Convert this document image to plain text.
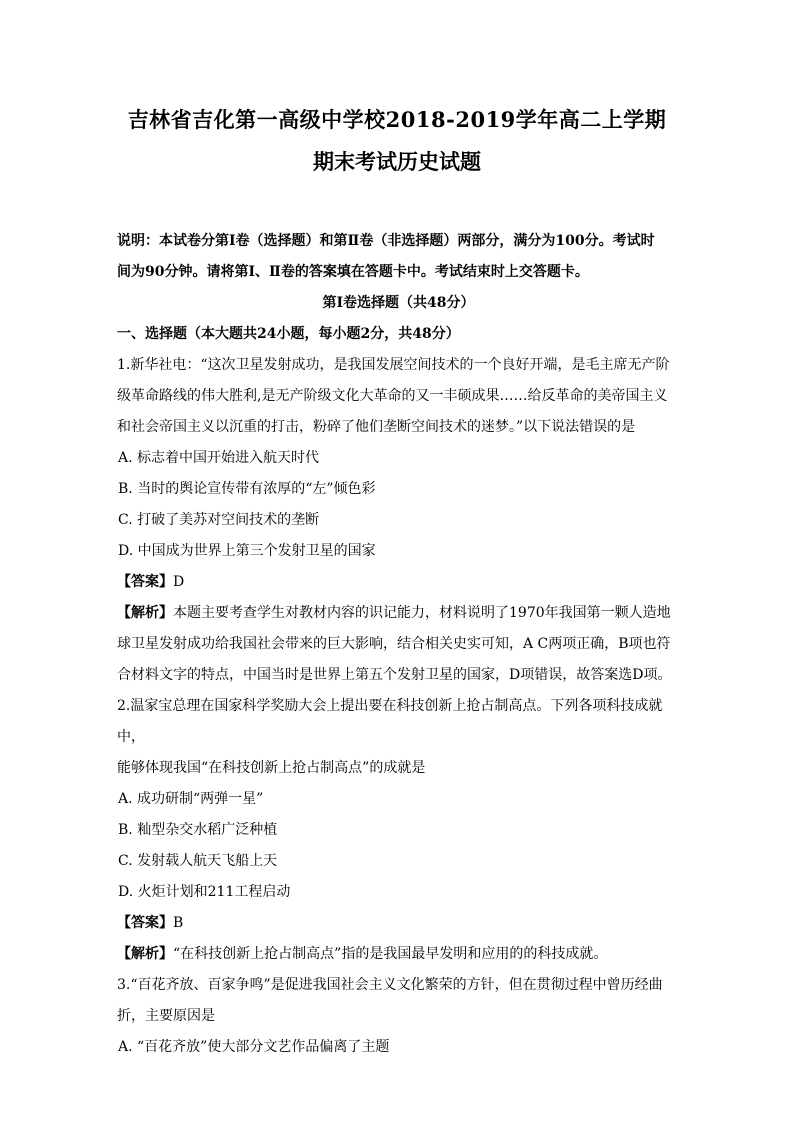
吉林省吉化第一高级中学校2018-2019学年高二上学期
期末考试历史试题

说明：本试卷分第Ⅰ卷（选择题）和第Ⅱ卷（非选择题）两部分，满分为100分。考试时

间为90分钟。请将第Ⅰ、Ⅱ卷的答案填在答题卡中。考试结束时上交答题卡。

第Ⅰ卷选择题（共48分）

一、选择题（本大题共24小题，每小题2分，共48分）

1.新华社电：“这次卫星发射成功，是我国发展空间技术的一个良好开端，是毛主席无产阶

级革命路线的伟大胜利,是无产阶级文化大革命的又一丰硕成果……给反革命的美帝国主义

和社会帝国主义以沉重的打击，粉碎了他们垄断空间技术的迷梦。”以下说法错误的是

A. 标志着中国开始进入航天时代

B. 当时的舆论宣传带有浓厚的“左”倾色彩

C. 打破了美苏对空间技术的垄断

D. 中国成为世界上第三个发射卫星的国家

【答案】D

【解析】本题主要考查学生对教材内容的识记能力，材料说明了1970年我国第一颗人造地

球卫星发射成功给我国社会带来的巨大影响，结合相关史实可知，A C两项正确，B项也符

合材料文字的特点，中国当时是世界上第五个发射卫星的国家，D项错误，故答案选D项。

2.温家宝总理在国家科学奖励大会上提出要在科技创新上抢占制高点。下列各项科技成就中，

能够体现我国“在科技创新上抢占制高点”的成就是

A. 成功研制“两弹一星”

B. 籼型杂交水稻广泛种植

C. 发射载人航天飞船上天

D. 火炬计划和211工程启动

【答案】B

【解析】“在科技创新上抢占制高点”指的是我国最早发明和应用的的科技成就。

3.“百花齐放、百家争鸣”是促进我国社会主义文化繁荣的方针，但在贯彻过程中曾历经曲

折，主要原因是

A. “百花齐放”使大部分文艺作品偏离了主题
